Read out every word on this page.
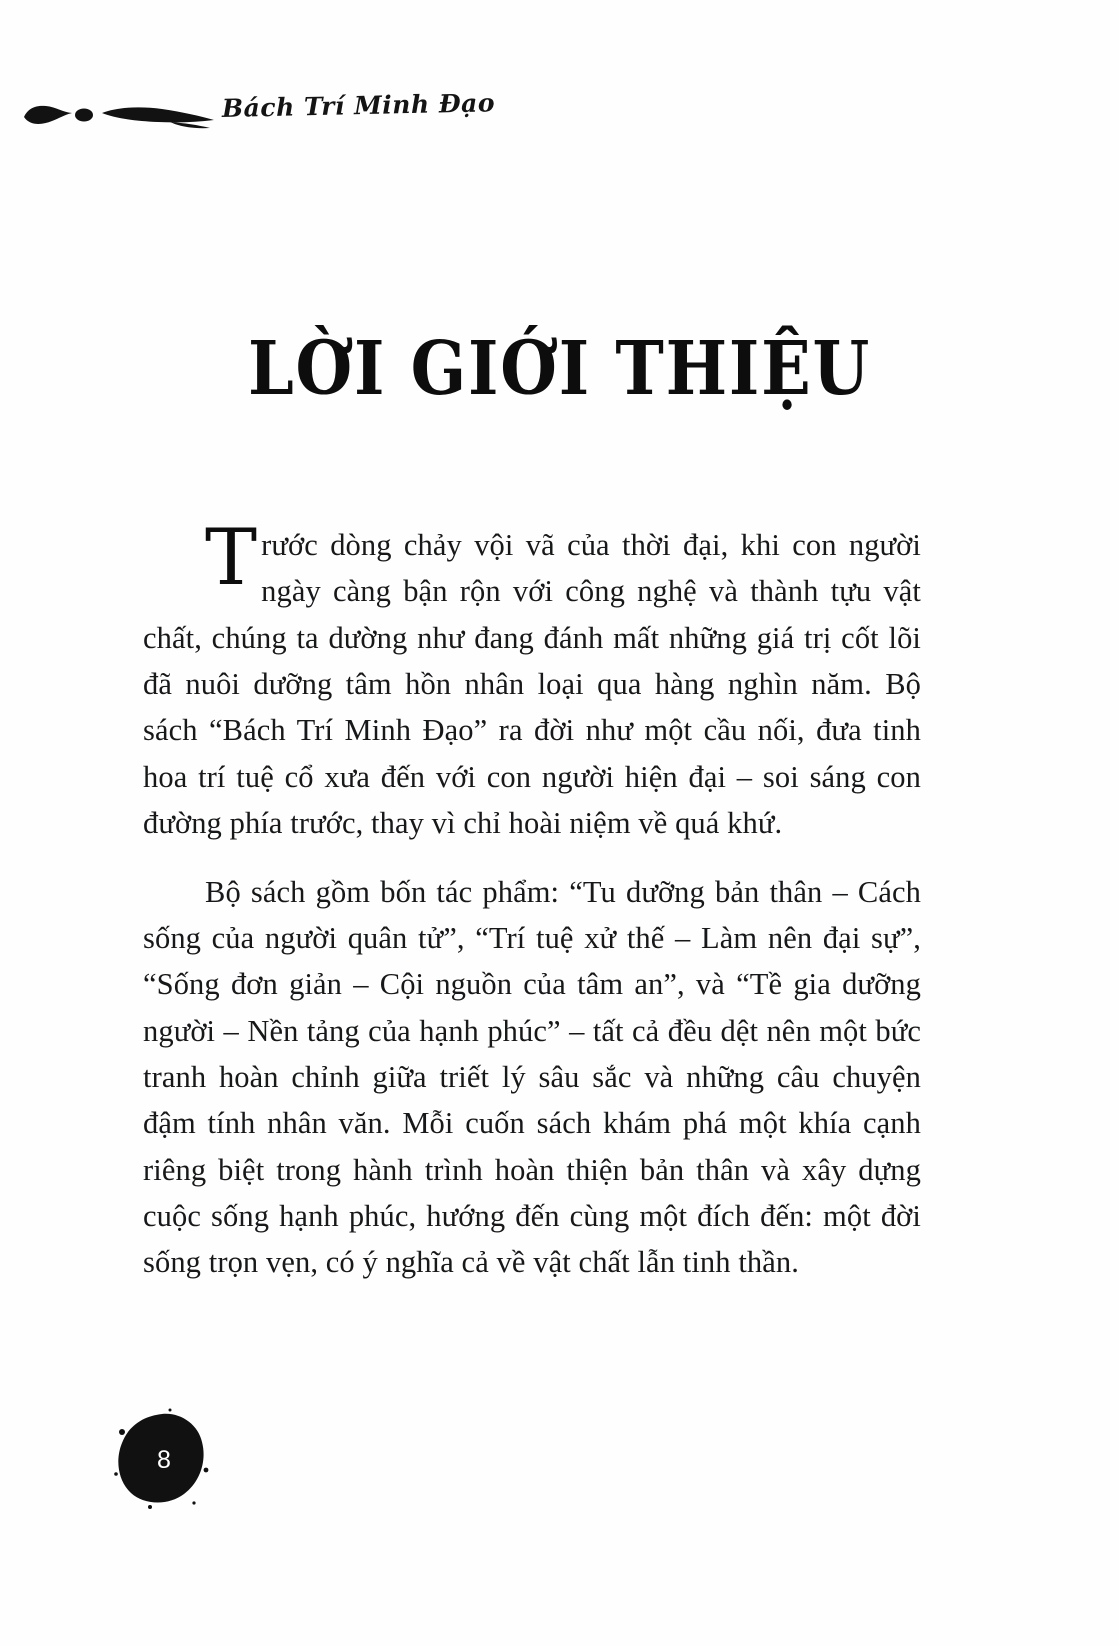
Bách Trí Minh Đạo
LỜI GIỚI THIỆU

Trước dòng chảy vội vã của thời đại, khi con người ngày càng bận rộn với công nghệ và thành tựu vật chất, chúng ta dường như đang đánh mất những giá trị cốt lõi đã nuôi dưỡng tâm hồn nhân loại qua hàng nghìn năm. Bộ sách “Bách Trí Minh Đạo” ra đời như một cầu nối, đưa tinh hoa trí tuệ cổ xưa đến với con người hiện đại – soi sáng con đường phía trước, thay vì chỉ hoài niệm về quá khứ.

Bộ sách gồm bốn tác phẩm: “Tu dưỡng bản thân – Cách sống của người quân tử”, “Trí tuệ xử thế – Làm nên đại sự”, “Sống đơn giản – Cội nguồn của tâm an”, và “Tề gia dưỡng người – Nền tảng của hạnh phúc” – tất cả đều dệt nên một bức tranh hoàn chỉnh giữa triết lý sâu sắc và những câu chuyện đậm tính nhân văn. Mỗi cuốn sách khám phá một khía cạnh riêng biệt trong hành trình hoàn thiện bản thân và xây dựng cuộc sống hạnh phúc, hướng đến cùng một đích đến: một đời sống trọn vẹn, có ý nghĩa cả về vật chất lẫn tinh thần.

8
